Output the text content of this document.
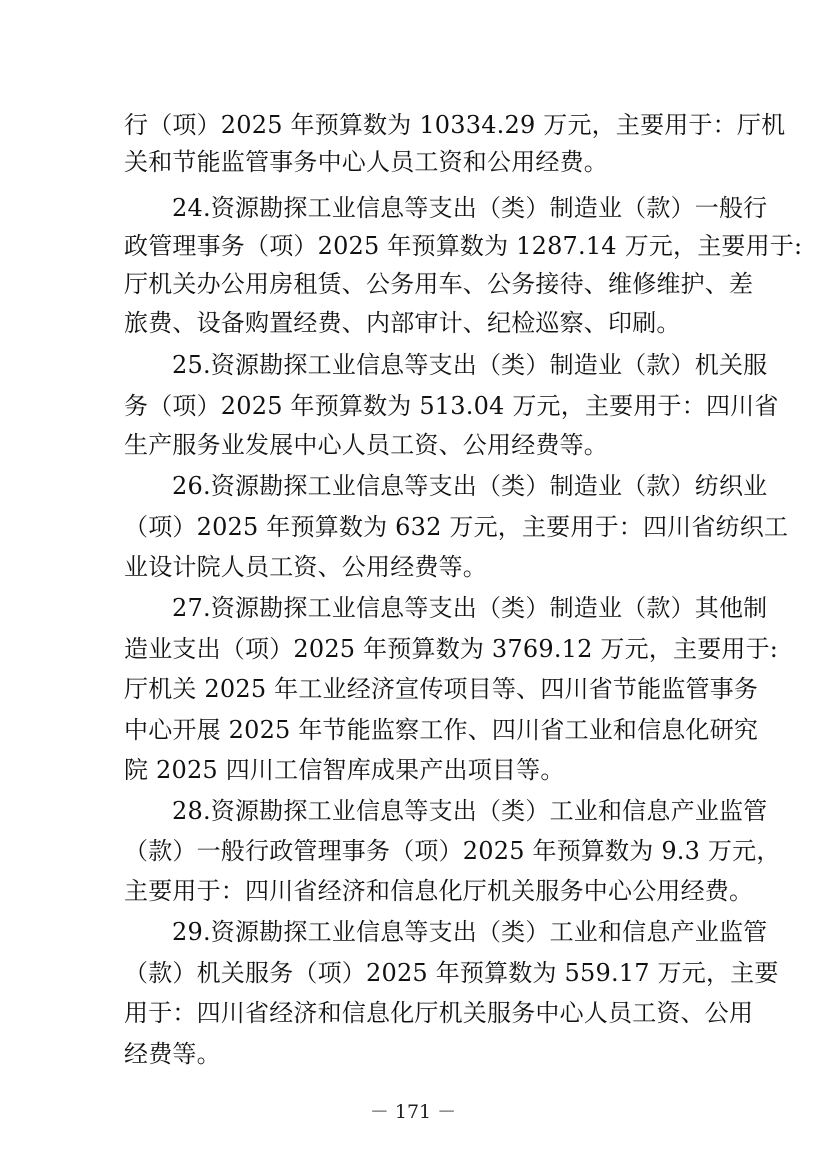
行（项）2025 年预算数为 10334.29 万元，主要用于：厅机
关和节能监管事务中心人员工资和公用经费。
24.资源勘探工业信息等支出（类）制造业（款）一般行
政管理事务（项）2025 年预算数为 1287.14 万元，主要用于:
厅机关办公用房租赁、公务用车、公务接待、维修维护、差
旅费、设备购置经费、内部审计、纪检巡察、印刷。
25.资源勘探工业信息等支出（类）制造业（款）机关服
务（项）2025 年预算数为 513.04 万元，主要用于：四川省
生产服务业发展中心人员工资、公用经费等。
26.资源勘探工业信息等支出（类）制造业（款）纺织业
（项）2025 年预算数为 632 万元，主要用于：四川省纺织工
业设计院人员工资、公用经费等。
27.资源勘探工业信息等支出（类）制造业（款）其他制
造业支出（项）2025 年预算数为 3769.12 万元，主要用于:
厅机关 2025 年工业经济宣传项目等、四川省节能监管事务
中心开展 2025 年节能监察工作、四川省工业和信息化研究
院 2025 四川工信智库成果产出项目等。
28.资源勘探工业信息等支出（类）工业和信息产业监管
（款）一般行政管理事务（项）2025 年预算数为 9.3 万元，
主要用于：四川省经济和信息化厅机关服务中心公用经费。
29.资源勘探工业信息等支出（类）工业和信息产业监管
（款）机关服务（项）2025 年预算数为 559.17 万元，主要
用于：四川省经济和信息化厅机关服务中心人员工资、公用
经费等。
－ 171 －
